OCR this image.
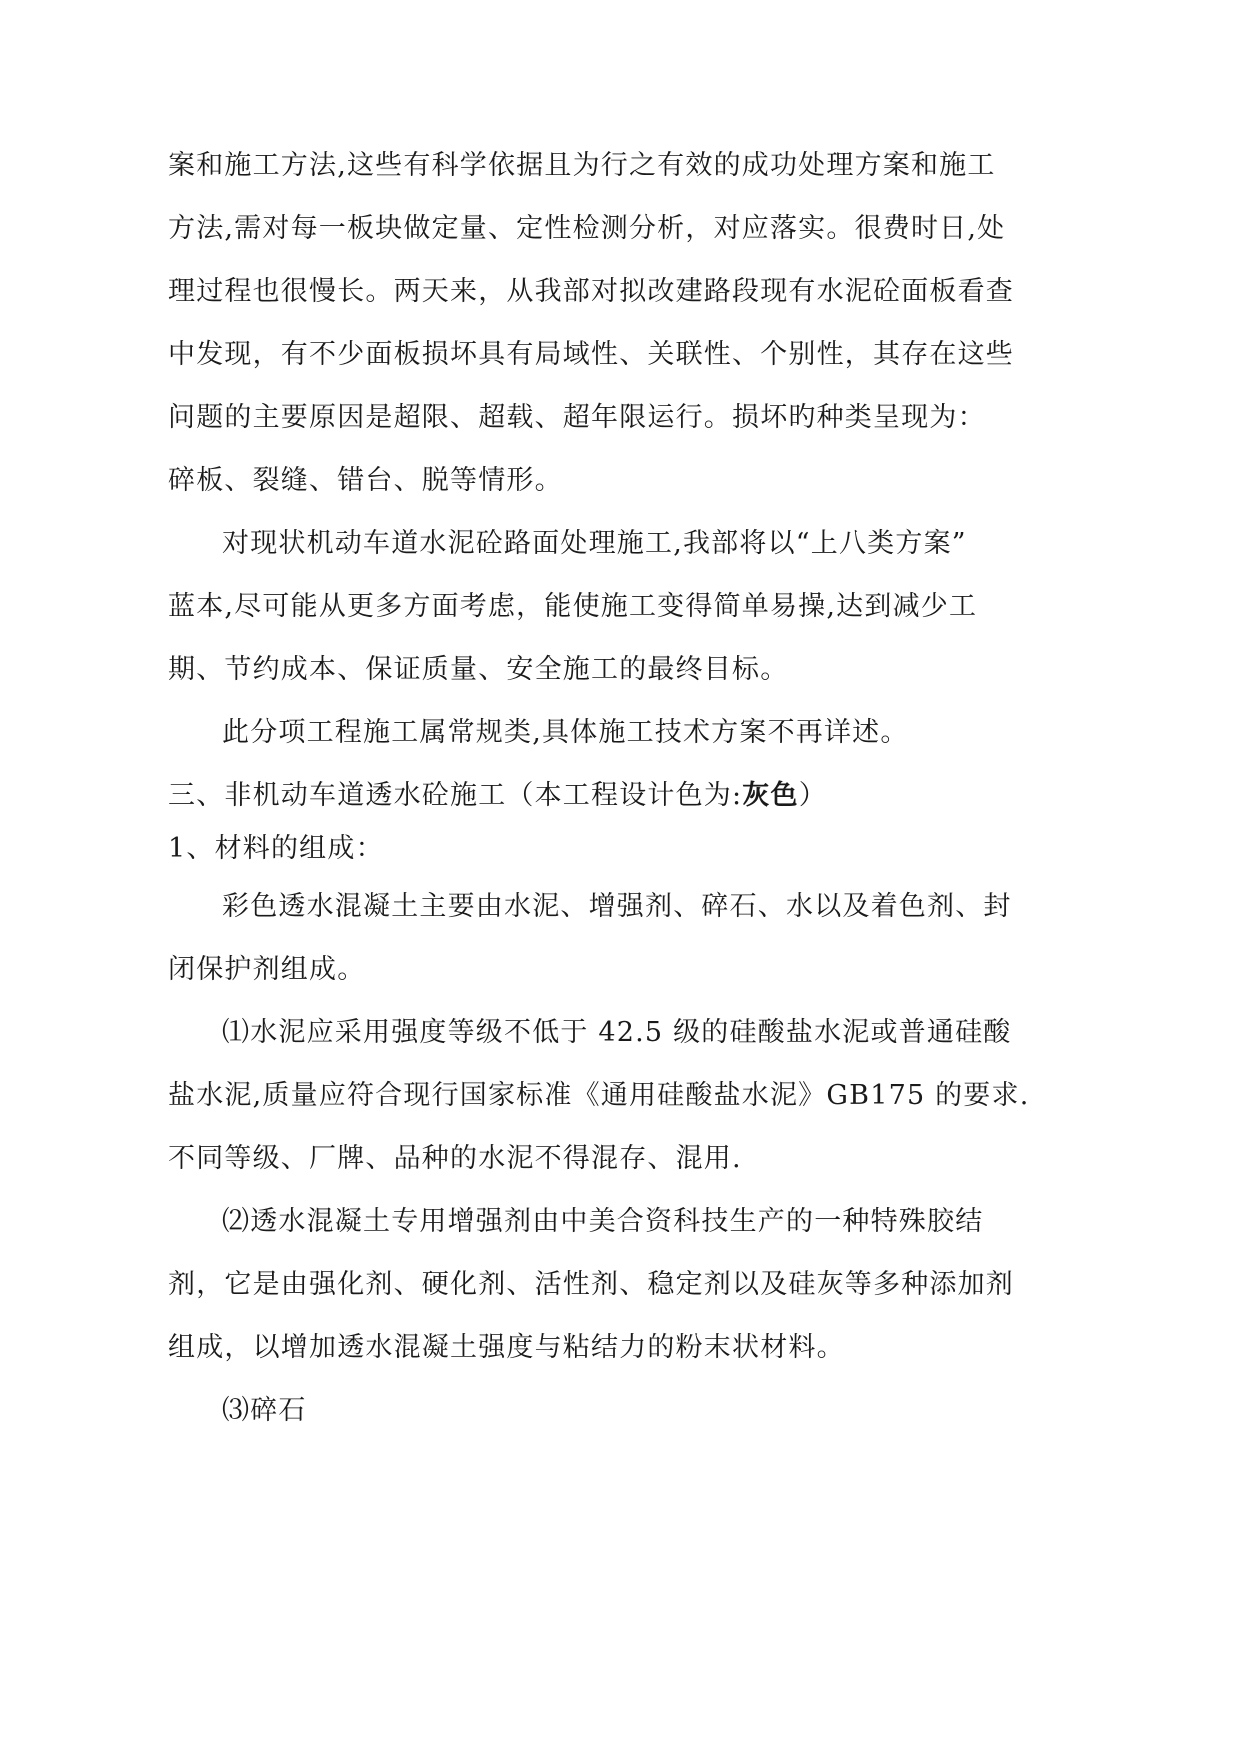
案和施工方法,这些有科学依据且为行之有效的成功处理方案和施工
方法,需对每一板块做定量、定性检测分析，对应落实。很费时日,处
理过程也很慢长。两天来，从我部对拟改建路段现有水泥砼面板看查
中发现，有不少面板损坏具有局域性、关联性、个别性，其存在这些
问题的主要原因是超限、超载、超年限运行。损坏旳种类呈现为：
碎板、裂缝、错台、脱等情形。
对现状机动车道水泥砼路面处理施工,我部将以“上八类方案”
蓝本,尽可能从更多方面考虑，能使施工变得简单易操,达到减少工
期、节约成本、保证质量、安全施工的最终目标。
此分项工程施工属常规类,具体施工技术方案不再详述。
三、非机动车道透水砼施工（本工程设计色为:灰色）
1、材料的组成：
彩色透水混凝土主要由水泥、增强剂、碎石、水以及着色剂、封
闭保护剂组成。
⑴水泥应采用强度等级不低于 42.5 级的硅酸盐水泥或普通硅酸
盐水泥,质量应符合现行国家标准《通用硅酸盐水泥》GB175 的要求.
不同等级、厂牌、品种的水泥不得混存、混用.
⑵透水混凝土专用增强剂由中美合资科技生产的一种特殊胶结
剂，它是由强化剂、硬化剂、活性剂、稳定剂以及硅灰等多种添加剂
组成，以增加透水混凝土强度与粘结力的粉末状材料。
⑶碎石
